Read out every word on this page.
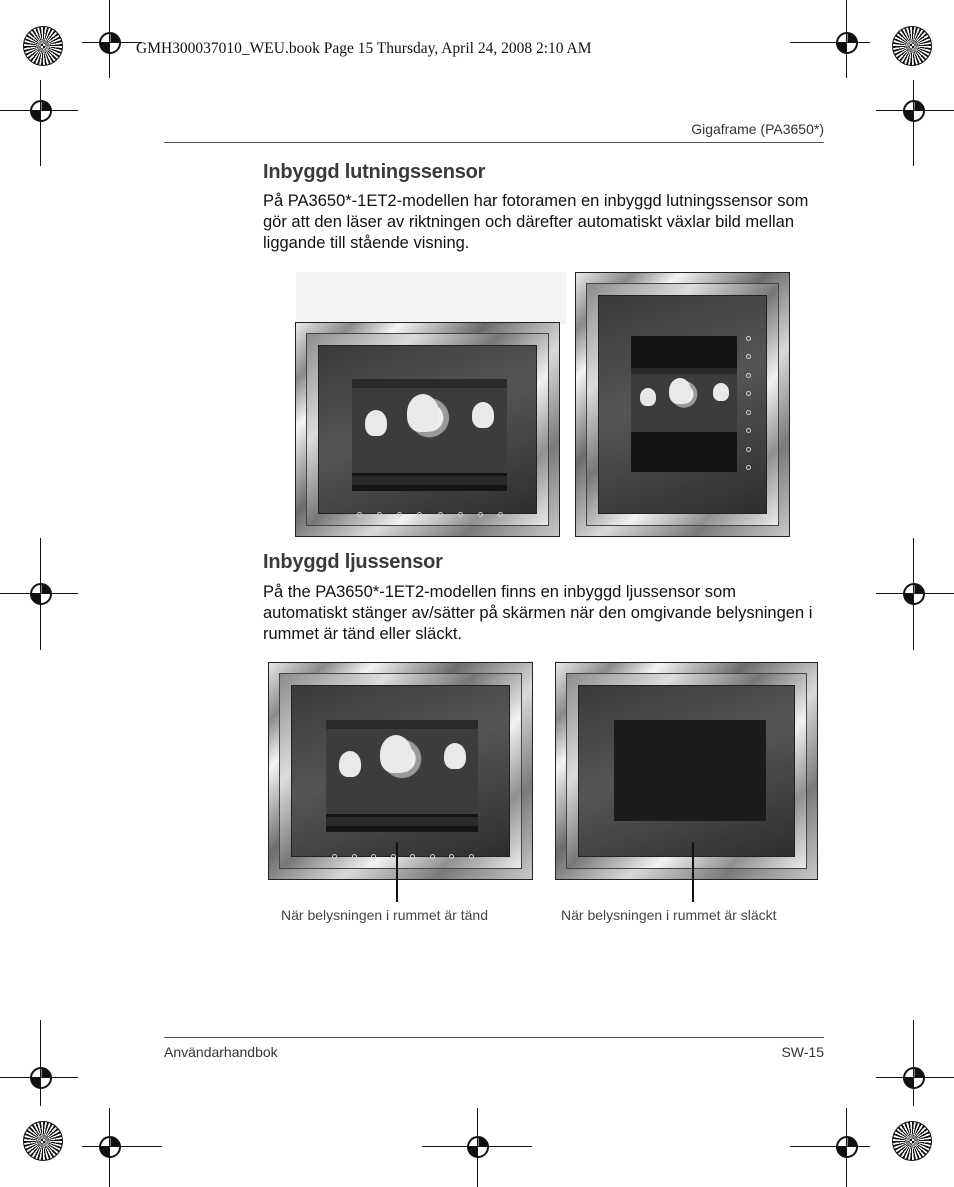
GMH300037010_WEU.book Page 15 Thursday, April 24, 2008 2:10 AM
Gigaframe (PA3650*)
Inbyggd lutningssensor

På PA3650*-1ET2-modellen har fotoramen en inbyggd lutningssensor som gör att den läser av riktningen och därefter automatiskt växlar bild mellan liggande till stående visning.

Inbyggd ljussensor

På the PA3650*-1ET2-modellen finns en inbyggd ljussensor som automatiskt stänger av/sätter på skärmen när den omgivande belysningen i rummet är tänd eller släckt.

När belysningen i rummet är tänd	När belysningen i rummet är släckt
Användarhandbok	SW-15
